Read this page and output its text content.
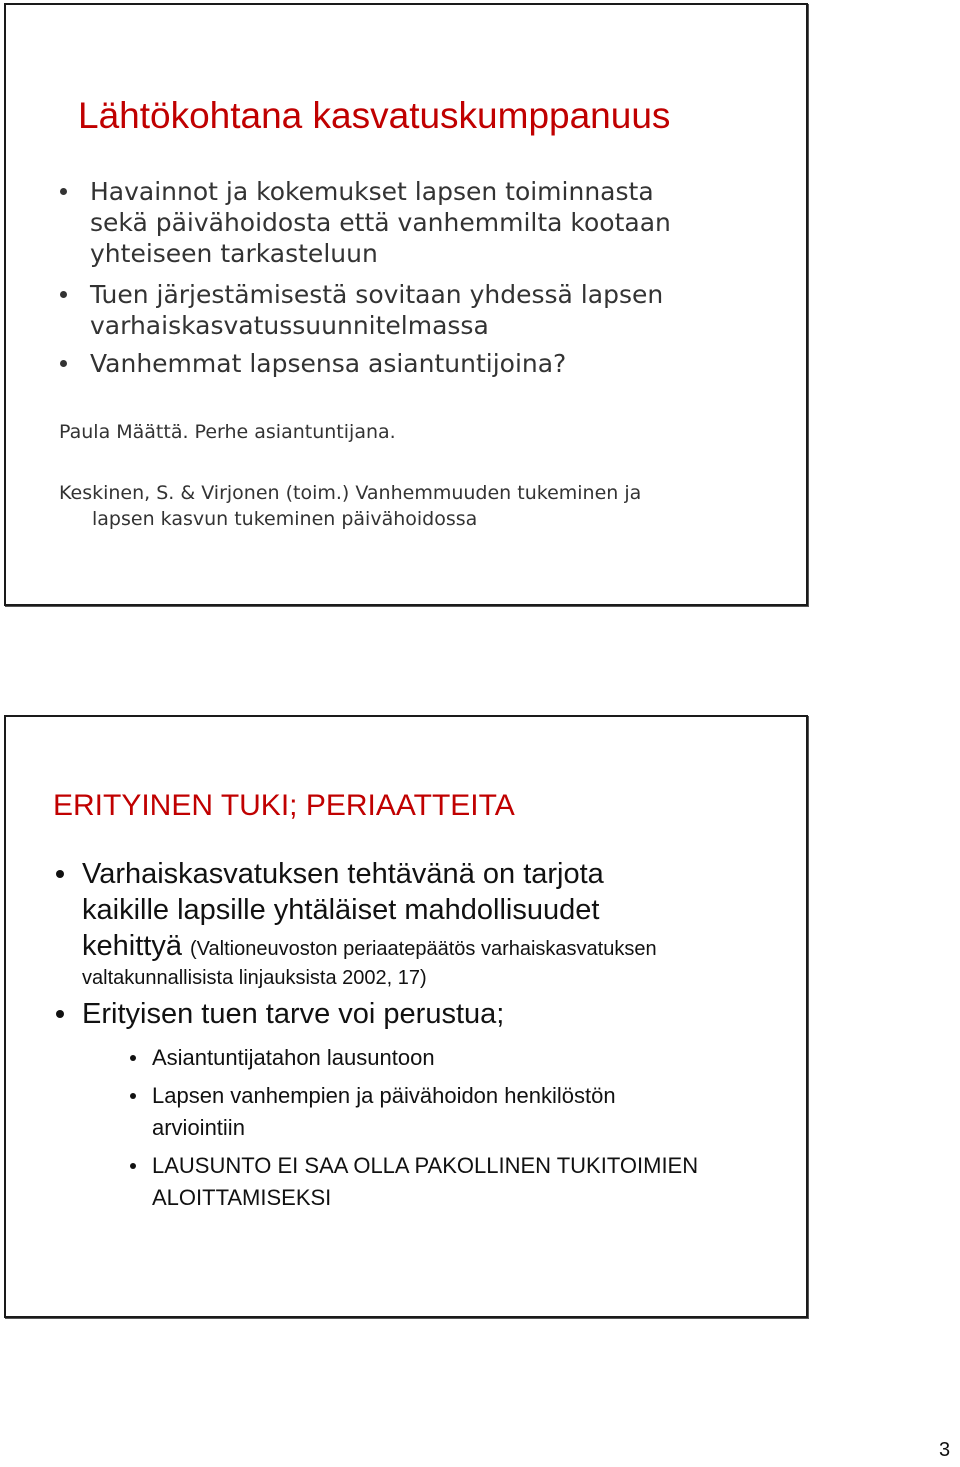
Lähtökohtana kasvatuskumppanuus
Havainnot ja kokemukset lapsen toiminnasta
sekä päivähoidosta että vanhemmilta kootaan
yhteiseen tarkasteluun
Tuen järjestämisestä sovitaan yhdessä lapsen
varhaiskasvatussuunnitelmassa
Vanhemmat lapsensa asiantuntijoina?
Paula Määttä. Perhe asiantuntijana.
Keskinen, S. & Virjonen (toim.) Vanhemmuuden tukeminen ja
lapsen kasvun tukeminen päivähoidossa
ERITYINEN TUKI; PERIAATTEITA
Varhaiskasvatuksen tehtävänä on tarjota
kaikille lapsille yhtäläiset mahdollisuudet
kehittyä (Valtioneuvoston periaatepäätös varhaiskasvatuksen
valtakunnallisista linjauksista 2002, 17)
Erityisen tuen tarve voi perustua;
Asiantuntijatahon lausuntoon
Lapsen vanhempien ja päivähoidon henkilöstön
arviointiin
LAUSUNTO EI SAA OLLA PAKOLLINEN TUKITOIMIEN
ALOITTAMISEKSI
3
